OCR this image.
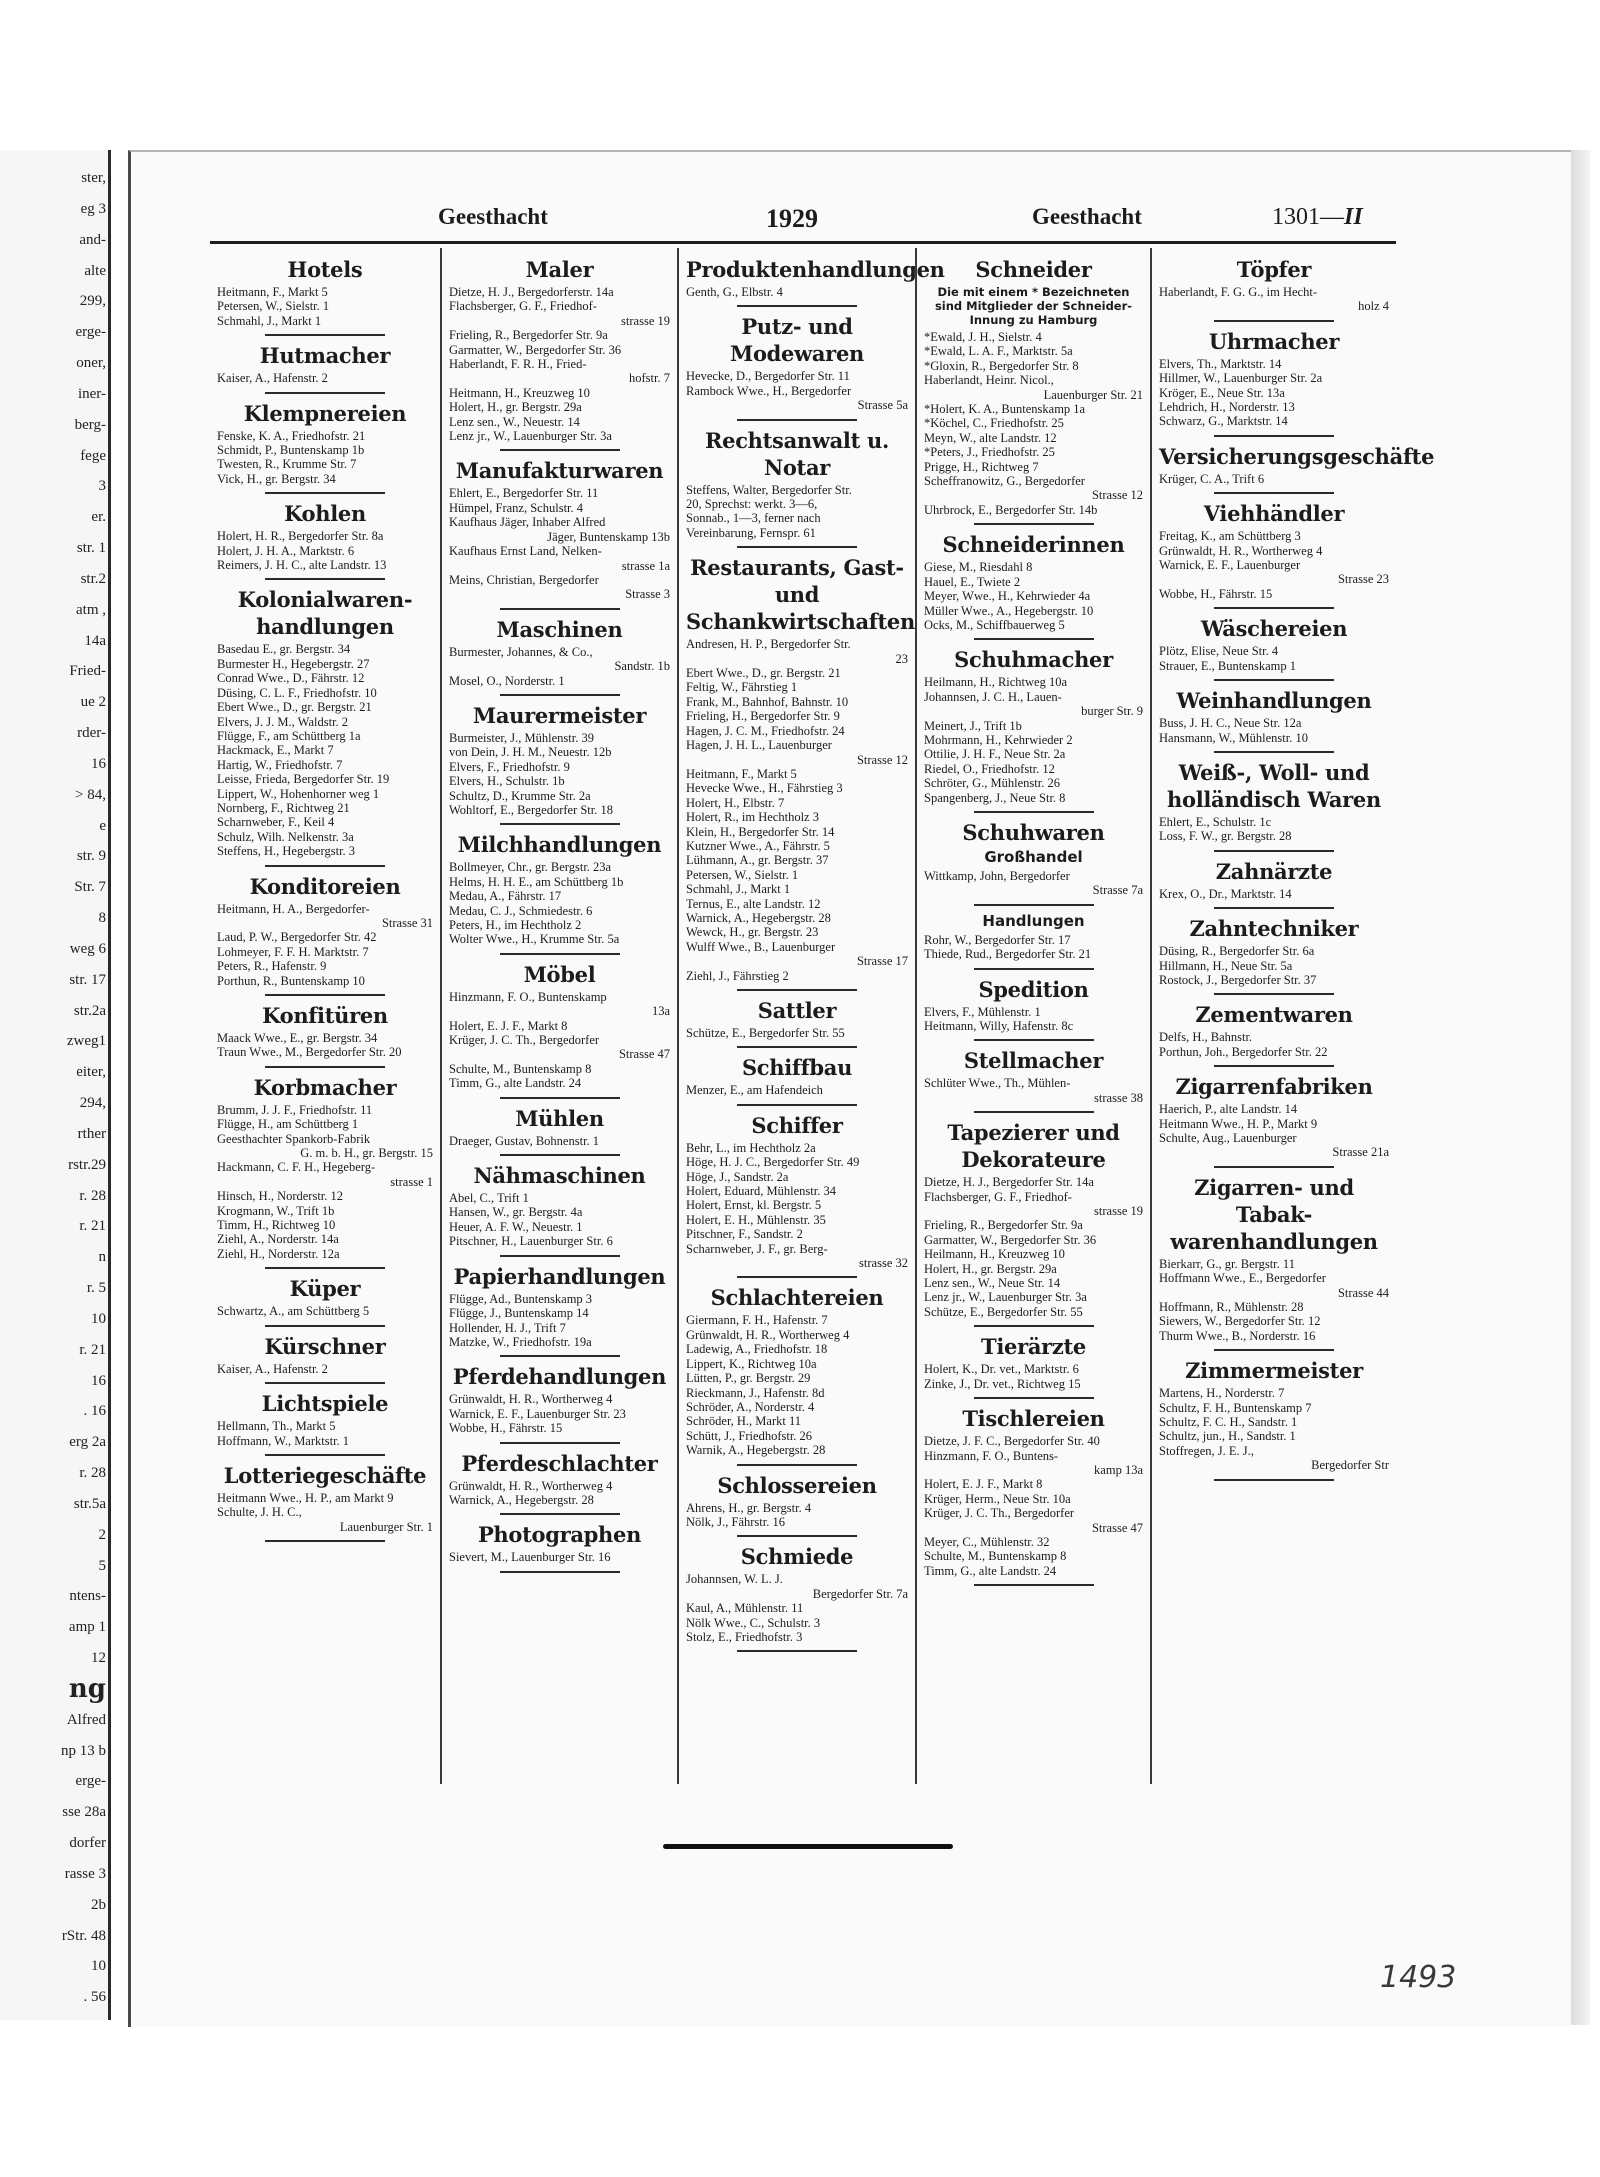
ster,
eg 3
and-
alte
299,
erge-
oner,
iner-
berg-
fege
3
er.
str. 1
str.2
atm ,
14a
Fried-
ue 2
rder-
16
> 84,
e
str. 9
Str. 7
8
weg 6
str. 17
str.2a
zweg1
eiter,
294,
rther
rstr.29
r. 28
r. 21
n
r. 5
10
r. 21
16
. 16
erg 2a
r. 28
str.5a
2
5
ntens-
amp 1
12
ng
Alfred
np 13 b
erge-
sse 28a
dorfer
rasse 3
2b
rStr. 48
10
. 56
Geesthacht	1929	Geesthacht	1301—II
Hotels
Heitmann, F., Markt 5
Petersen, W., Sielstr. 1
Schmahl, J., Markt 1
Hutmacher
Kaiser, A., Hafenstr. 2
Klempnereien
Fenske, K. A., Friedhofstr. 21
Schmidt, P., Buntenskamp 1b
Twesten, R., Krumme Str. 7
Vick, H., gr. Bergstr. 34
Kohlen
Holert, H. R., Bergedorfer Str. 8a
Holert, J. H. A., Marktstr. 6
Reimers, J. H. C., alte Landstr. 13
Kolonialwaren-handlungen
Basedau E., gr. Bergstr. 34
Burmester H., Hegebergstr. 27
Conrad Wwe., D., Fährstr. 12
Düsing, C. L. F., Friedhofstr. 10
Ebert Wwe., D., gr. Bergstr. 21
Elvers, J. J. M., Waldstr. 2
Flügge, F., am Schüttberg 1a
Hackmack, E., Markt 7
Hartig, W., Friedhofstr. 7
Leisse, Frieda, Bergedorfer Str. 19
Lippert, W., Hohenhorner weg 1
Nornberg, F., Richtweg 21
Scharnweber, F., Keil 4
Schulz, Wilh. Nelkenstr. 3a
Steffens, H., Hegebergstr. 3
Konditoreien
Heitmann, H. A., Bergedorfer-
Strasse 31
Laud, P. W., Bergedorfer Str. 42
Lohmeyer, F. F. H. Marktstr. 7
Peters, R., Hafenstr. 9
Porthun, R., Buntenskamp 10
Konfitüren
Maack Wwe., E., gr. Bergstr. 34
Traun Wwe., M., Bergedorfer Str. 20
Korbmacher
Brumm, J. J. F., Friedhofstr. 11
Flügge, H., am Schüttberg 1
Geesthachter Spankorb-Fabrik
G. m. b. H., gr. Bergstr. 15
Hackmann, C. F. H., Hegeberg-
strasse 1
Hinsch, H., Norderstr. 12
Krogmann, W., Trift 1b
Timm, H., Richtweg 10
Ziehl, A., Norderstr. 14a
Ziehl, H., Norderstr. 12a
Küper
Schwartz, A., am Schüttberg 5
Kürschner
Kaiser, A., Hafenstr. 2
Lichtspiele
Hellmann, Th., Markt 5
Hoffmann, W., Marktstr. 1
Lotteriegeschäfte
Heitmann Wwe., H. P., am Markt 9
Schulte, J. H. C.,
Lauenburger Str. 1
Maler
Dietze, H. J., Bergedorferstr. 14a
Flachsberger, G. F., Friedhof-
strasse 19
Frieling, R., Bergedorfer Str. 9a
Garmatter, W., Bergedorfer Str. 36
Haberlandt, F. R. H., Fried-
hofstr. 7
Heitmann, H., Kreuzweg 10
Holert, H., gr. Bergstr. 29a
Lenz sen., W., Neuestr. 14
Lenz jr., W., Lauenburger Str. 3a
Manufakturwaren
Ehlert, E., Bergedorfer Str. 11
Hümpel, Franz, Schulstr. 4
Kaufhaus Jäger, Inhaber Alfred
Jäger, Buntenskamp 13b
Kaufhaus Ernst Land, Nelken-
strasse 1a
Meins, Christian, Bergedorfer
Strasse 3
Maschinen
Burmester, Johannes, & Co.,
Sandstr. 1b
Mosel, O., Norderstr. 1
Maurermeister
Burmeister, J., Mühlenstr. 39
von Dein, J. H. M., Neuestr. 12b
Elvers, F., Friedhofstr. 9
Elvers, H., Schulstr. 1b
Schultz, D., Krumme Str. 2a
Wohltorf, E., Bergedorfer Str. 18
Milchhandlungen
Bollmeyer, Chr., gr. Bergstr. 23a
Helms, H. H. E., am Schüttberg 1b
Medau, A., Fährstr. 17
Medau, C. J., Schmiedestr. 6
Peters, H., im Hechtholz 2
Wolter Wwe., H., Krumme Str. 5a
Möbel
Hinzmann, F. O., Buntenskamp
13a
Holert, E. J. F., Markt 8
Krüger, J. C. Th., Bergedorfer
Strasse 47
Schulte, M., Buntenskamp 8
Timm, G., alte Landstr. 24
Mühlen
Draeger, Gustav, Bohnenstr. 1
Nähmaschinen
Abel, C., Trift 1
Hansen, W., gr. Bergstr. 4a
Heuer, A. F. W., Neuestr. 1
Pitschner, H., Lauenburger Str. 6
Papierhandlungen
Flügge, Ad., Buntenskamp 3
Flügge, J., Buntenskamp 14
Hollender, H. J., Trift 7
Matzke, W., Friedhofstr. 19a
Pferdehandlungen
Grünwaldt, H. R., Wortherweg 4
Warnick, E. F., Lauenburger Str. 23
Wobbe, H., Fährstr. 15
Pferdeschlachter
Grünwaldt, H. R., Wortherweg 4
Warnick, A., Hegebergstr. 28
Photographen
Sievert, M., Lauenburger Str. 16
Produktenhandlungen
Genth, G., Elbstr. 4
Putz- und Modewaren
Hevecke, D., Bergedorfer Str. 11
Rambock Wwe., H., Bergedorfer
Strasse 5a
Rechtsanwalt u. Notar
Steffens, Walter, Bergedorfer Str.
20, Sprechst: werkt. 3—6,
Sonnab., 1—3, ferner nach
Vereinbarung, Fernspr. 61
Restaurants, Gast- und Schankwirtschaften
Andresen, H. P., Bergedorfer Str.
23
Ebert Wwe., D., gr. Bergstr. 21
Feltig, W., Fährstieg 1
Frank, M., Bahnhof, Bahnstr. 10
Frieling, H., Bergedorfer Str. 9
Hagen, J. C. M., Friedhofstr. 24
Hagen, J. H. L., Lauenburger
Strasse 12
Heitmann, F., Markt 5
Hevecke Wwe., H., Fährstieg 3
Holert, H., Elbstr. 7
Holert, R., im Hechtholz 3
Klein, H., Bergedorfer Str. 14
Kutzner Wwe., A., Fährstr. 5
Lühmann, A., gr. Bergstr. 37
Petersen, W., Sielstr. 1
Schmahl, J., Markt 1
Ternus, E., alte Landstr. 12
Warnick, A., Hegebergstr. 28
Wewck, H., gr. Bergstr. 23
Wulff Wwe., B., Lauenburger
Strasse 17
Ziehl, J., Fährstieg 2
Sattler
Schütze, E., Bergedorfer Str. 55
Schiffbau
Menzer, E., am Hafendeich
Schiffer
Behr, L., im Hechtholz 2a
Höge, H. J. C., Bergedorfer Str. 49
Höge, J., Sandstr. 2a
Holert, Eduard, Mühlenstr. 34
Holert, Ernst, kl. Bergstr. 5
Holert, E. H., Mühlenstr. 35
Pitschner, F., Sandstr. 2
Scharnweber, J. F., gr. Berg-
strasse 32
Schlachtereien
Giermann, F. H., Hafenstr. 7
Grünwaldt, H. R., Wortherweg 4
Ladewig, A., Friedhofstr. 18
Lippert, K., Richtweg 10a
Lütten, P., gr. Bergstr. 29
Rieckmann, J., Hafenstr. 8d
Schröder, A., Norderstr. 4
Schröder, H., Markt 11
Schütt, J., Friedhofstr. 26
Warnik, A., Hegebergstr. 28
Schlossereien
Ahrens, H., gr. Bergstr. 4
Nölk, J., Fährstr. 16
Schmiede
Johannsen, W. L. J.
Bergedorfer Str. 7a
Kaul, A., Mühlenstr. 11
Nölk Wwe., C., Schulstr. 3
Stolz, E., Friedhofstr. 3
Schneider
Die mit einem * Bezeichneten sind Mitglieder der Schneider-Innung zu Hamburg
*Ewald, J. H., Sielstr. 4
*Ewald, L. A. F., Marktstr. 5a
*Gloxin, R., Bergedorfer Str. 8
Haberlandt, Heinr. Nicol.,
Lauenburger Str. 21
*Holert, K. A., Buntenskamp 1a
*Köchel, C., Friedhofstr. 25
Meyn, W., alte Landstr. 12
*Peters, J., Friedhofstr. 25
Prigge, H., Richtweg 7
Scheffranowitz, G., Bergedorfer
Strasse 12
Uhrbrock, E., Bergedorfer Str. 14b
Schneiderinnen
Giese, M., Riesdahl 8
Hauel, E., Twiete 2
Meyer, Wwe., H., Kehrwieder 4a
Müller Wwe., A., Hegebergstr. 10
Ocks, M., Schiffbauerweg 5
Schuhmacher
Heilmann, H., Richtweg 10a
Johannsen, J. C. H., Lauen-
burger Str. 9
Meinert, J., Trift 1b
Mohrmann, H., Kehrwieder 2
Ottilie, J. H. F., Neue Str. 2a
Riedel, O., Friedhofstr. 12
Schröter, G., Mühlenstr. 26
Spangenberg, J., Neue Str. 8
Schuhwaren
Großhandel
Wittkamp, John, Bergedorfer
Strasse 7a
Handlungen
Rohr, W., Bergedorfer Str. 17
Thiede, Rud., Bergedorfer Str. 21
Spedition
Elvers, F., Mühlenstr. 1
Heitmann, Willy, Hafenstr. 8c
Stellmacher
Schlüter Wwe., Th., Mühlen-
strasse 38
Tapezierer und Dekorateure
Dietze, H. J., Bergedorfer Str. 14a
Flachsberger, G. F., Friedhof-
strasse 19
Frieling, R., Bergedorfer Str. 9a
Garmatter, W., Bergedorfer Str. 36
Heilmann, H., Kreuzweg 10
Holert, H., gr. Bergstr. 29a
Lenz sen., W., Neue Str. 14
Lenz jr., W., Lauenburger Str. 3a
Schütze, E., Bergedorfer Str. 55
Tierärzte
Holert, K., Dr. vet., Marktstr. 6
Zinke, J., Dr. vet., Richtweg 15
Tischlereien
Dietze, J. F. C., Bergedorfer Str. 40
Hinzmann, F. O., Buntens-
kamp 13a
Holert, E. J. F., Markt 8
Krüger, Herm., Neue Str. 10a
Krüger, J. C. Th., Bergedorfer
Strasse 47
Meyer, C., Mühlenstr. 32
Schulte, M., Buntenskamp 8
Timm, G., alte Landstr. 24
Töpfer
Haberlandt, F. G. G., im Hecht-
holz 4
Uhrmacher
Elvers, Th., Marktstr. 14
Hillmer, W., Lauenburger Str. 2a
Kröger, E., Neue Str. 13a
Lehdrich, H., Norderstr. 13
Schwarz, G., Marktstr. 14
Versicherungsgeschäfte
Krüger, C. A., Trift 6
Viehhändler
Freitag, K., am Schüttberg 3
Grünwaldt, H. R., Wortherweg 4
Warnick, E. F., Lauenburger
Strasse 23
Wobbe, H., Fährstr. 15
Wäschereien
Plötz, Elise, Neue Str. 4
Strauer, E., Buntenskamp 1
Weinhandlungen
Buss, J. H. C., Neue Str. 12a
Hansmann, W., Mühlenstr. 10
Weiß-, Woll- und holländisch Waren
Ehlert, E., Schulstr. 1c
Loss, F. W., gr. Bergstr. 28
Zahnärzte
Krex, O., Dr., Marktstr. 14
Zahntechniker
Düsing, R., Bergedorfer Str. 6a
Hillmann, H., Neue Str. 5a
Rostock, J., Bergedorfer Str. 37
Zementwaren
Delfs, H., Bahnstr.
Porthun, Joh., Bergedorfer Str. 22
Zigarrenfabriken
Haerich, P., alte Landstr. 14
Heitmann Wwe., H. P., Markt 9
Schulte, Aug., Lauenburger
Strasse 21a
Zigarren- und Tabak-warenhandlungen
Bierkarr, G., gr. Bergstr. 11
Hoffmann Wwe., E., Bergedorfer
Strasse 44
Hoffmann, R., Mühlenstr. 28
Siewers, W., Bergedorfer Str. 12
Thurm Wwe., B., Norderstr. 16
Zimmermeister
Martens, H., Norderstr. 7
Schultz, F. H., Buntenskamp 7
Schultz, F. C. H., Sandstr. 1
Schultz, jun., H., Sandstr. 1
Stoffregen, J. E. J.,
Bergedorfer Str
1493
